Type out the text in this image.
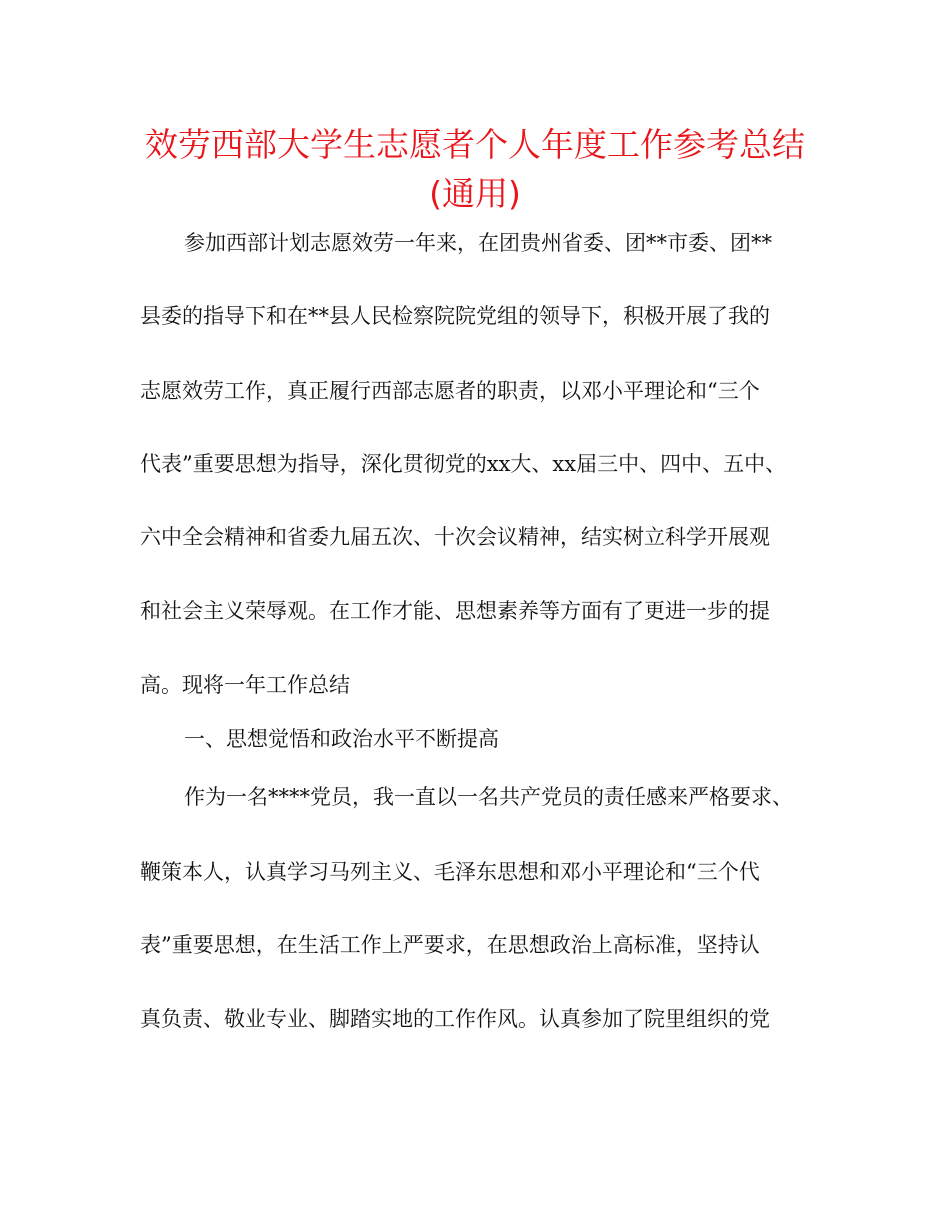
效劳西部大学生志愿者个人年度工作参考总结
(通用)
参加西部计划志愿效劳一年来，在团贵州省委、团**市委、团**
县委的指导下和在**县人民检察院院党组的领导下，积极开展了我的
志愿效劳工作，真正履行西部志愿者的职责，以邓小平理论和“三个
代表”重要思想为指导，深化贯彻党的xx大、xx届三中、四中、五中、
六中全会精神和省委九届五次、十次会议精神，结实树立科学开展观
和社会主义荣辱观。在工作才能、思想素养等方面有了更进一步的提
高。现将一年工作总结
一、思想觉悟和政治水平不断提高
作为一名****党员，我一直以一名共产党员的责任感来严格要求、
鞭策本人，认真学习马列主义、毛泽东思想和邓小平理论和“三个代
表”重要思想，在生活工作上严要求，在思想政治上高标准，坚持认
真负责、敬业专业、脚踏实地的工作作风。认真参加了院里组织的党
